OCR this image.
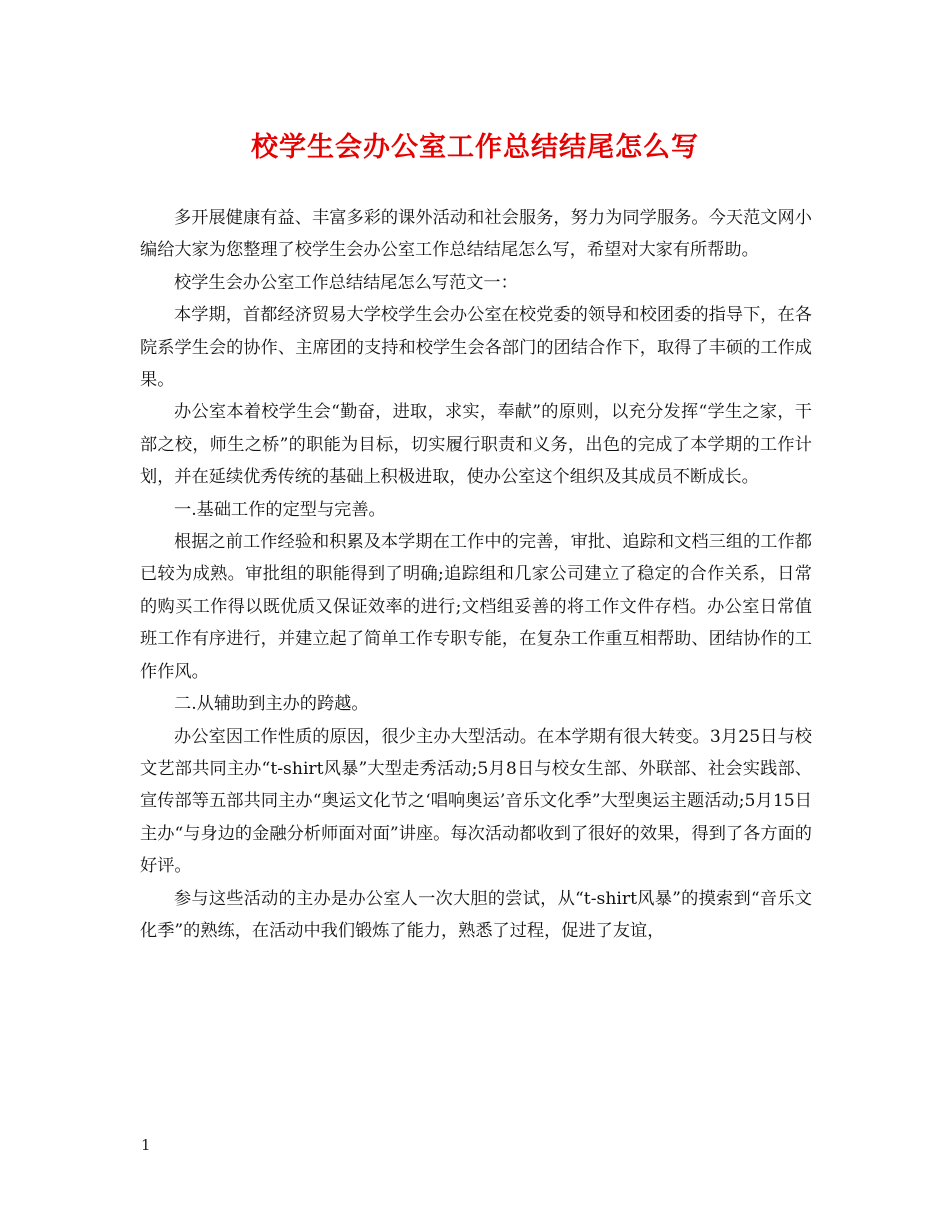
校学生会办公室工作总结结尾怎么写

多开展健康有益、丰富多彩的课外活动和社会服务，努力为同学服务。今天范文网小编给大家为您整理了校学生会办公室工作总结结尾怎么写，希望对大家有所帮助。

校学生会办公室工作总结结尾怎么写范文一：

本学期，首都经济贸易大学校学生会办公室在校党委的领导和校团委的指导下，在各院系学生会的协作、主席团的支持和校学生会各部门的团结合作下，取得了丰硕的工作成果。

办公室本着校学生会“勤奋，进取，求实，奉献”的原则，以充分发挥“学生之家，干部之校，师生之桥”的职能为目标，切实履行职责和义务，出色的完成了本学期的工作计划，并在延续优秀传统的基础上积极进取，使办公室这个组织及其成员不断成长。

一.基础工作的定型与完善。

根据之前工作经验和积累及本学期在工作中的完善，审批、追踪和文档三组的工作都已较为成熟。审批组的职能得到了明确;追踪组和几家公司建立了稳定的合作关系，日常的购买工作得以既优质又保证效率的进行;文档组妥善的将工作文件存档。办公室日常值班工作有序进行，并建立起了简单工作专职专能，在复杂工作重互相帮助、团结协作的工作作风。

二.从辅助到主办的跨越。

办公室因工作性质的原因，很少主办大型活动。在本学期有很大转变。3月25日与校文艺部共同主办“t-shirt风暴”大型走秀活动;5月8日与校女生部、外联部、社会实践部、宣传部等五部共同主办“奥运文化节之‘唱响奥运’音乐文化季”大型奥运主题活动;5月15日主办“与身边的金融分析师面对面”讲座。每次活动都收到了很好的效果，得到了各方面的好评。

参与这些活动的主办是办公室人一次大胆的尝试，从“t-shirt风暴”的摸索到“音乐文化季”的熟练，在活动中我们锻炼了能力，熟悉了过程，促进了友谊，

1
